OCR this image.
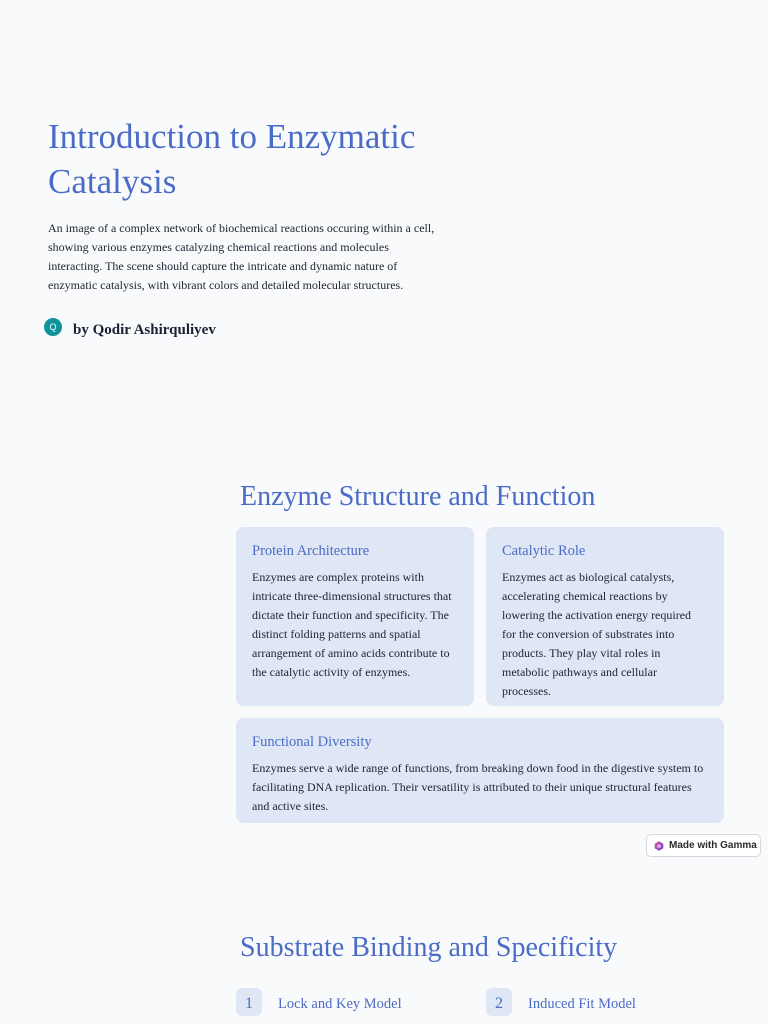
Introduction to Enzymatic Catalysis

An image of a complex network of biochemical reactions occuring within a cell, showing various enzymes catalyzing chemical reactions and molecules interacting. The scene should capture the intricate and dynamic nature of enzymatic catalysis, with vibrant colors and detailed molecular structures.

Q	by Qodir Ashirquliyev
Enzyme Structure and Function
Protein Architecture

Enzymes are complex proteins with intricate three-dimensional structures that dictate their function and specificity. The distinct folding patterns and spatial arrangement of amino acids contribute to the catalytic activity of enzymes.

Catalytic Role

Enzymes act as biological catalysts, accelerating chemical reactions by lowering the activation energy required for the conversion of substrates into products. They play vital roles in metabolic pathways and cellular processes.

Functional Diversity

Enzymes serve a wide range of functions, from breaking down food in the digestive system to facilitating DNA replication. Their versatility is attributed to their unique structural features and active sites.

Made with Gamma
Substrate Binding and Specificity
1	Lock and Key Model	2	Induced Fit Model
